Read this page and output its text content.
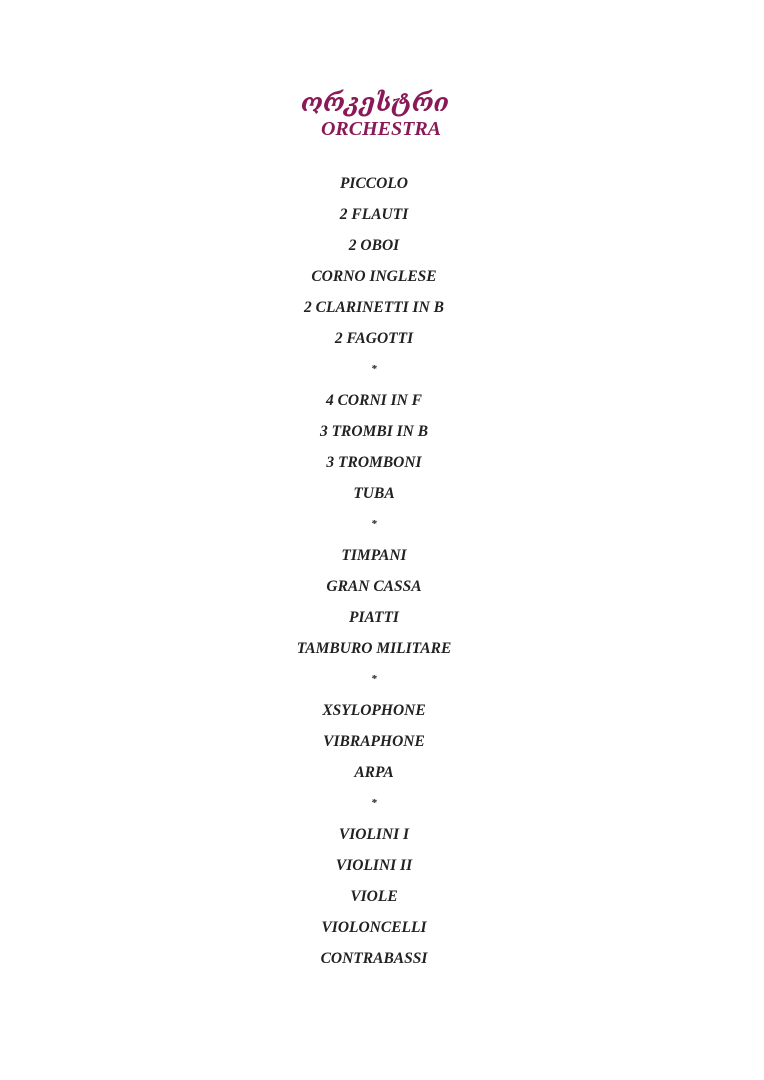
ორკესტრი
ORCHESTRA
PICCOLO
2 FLAUTI
2 OBOI
CORNO INGLESE
2 CLARINETTI IN B
2 FAGOTTI
*
4 CORNI IN F
3 TROMBI IN B
3 TROMBONI
TUBA
*
TIMPANI
GRAN CASSA
PIATTI
TAMBURO MILITARE
*
XSYLOPHONE
VIBRAPHONE
ARPA
*
VIOLINI I
VIOLINI II
VIOLE
VIOLONCELLI
CONTRABASSI
